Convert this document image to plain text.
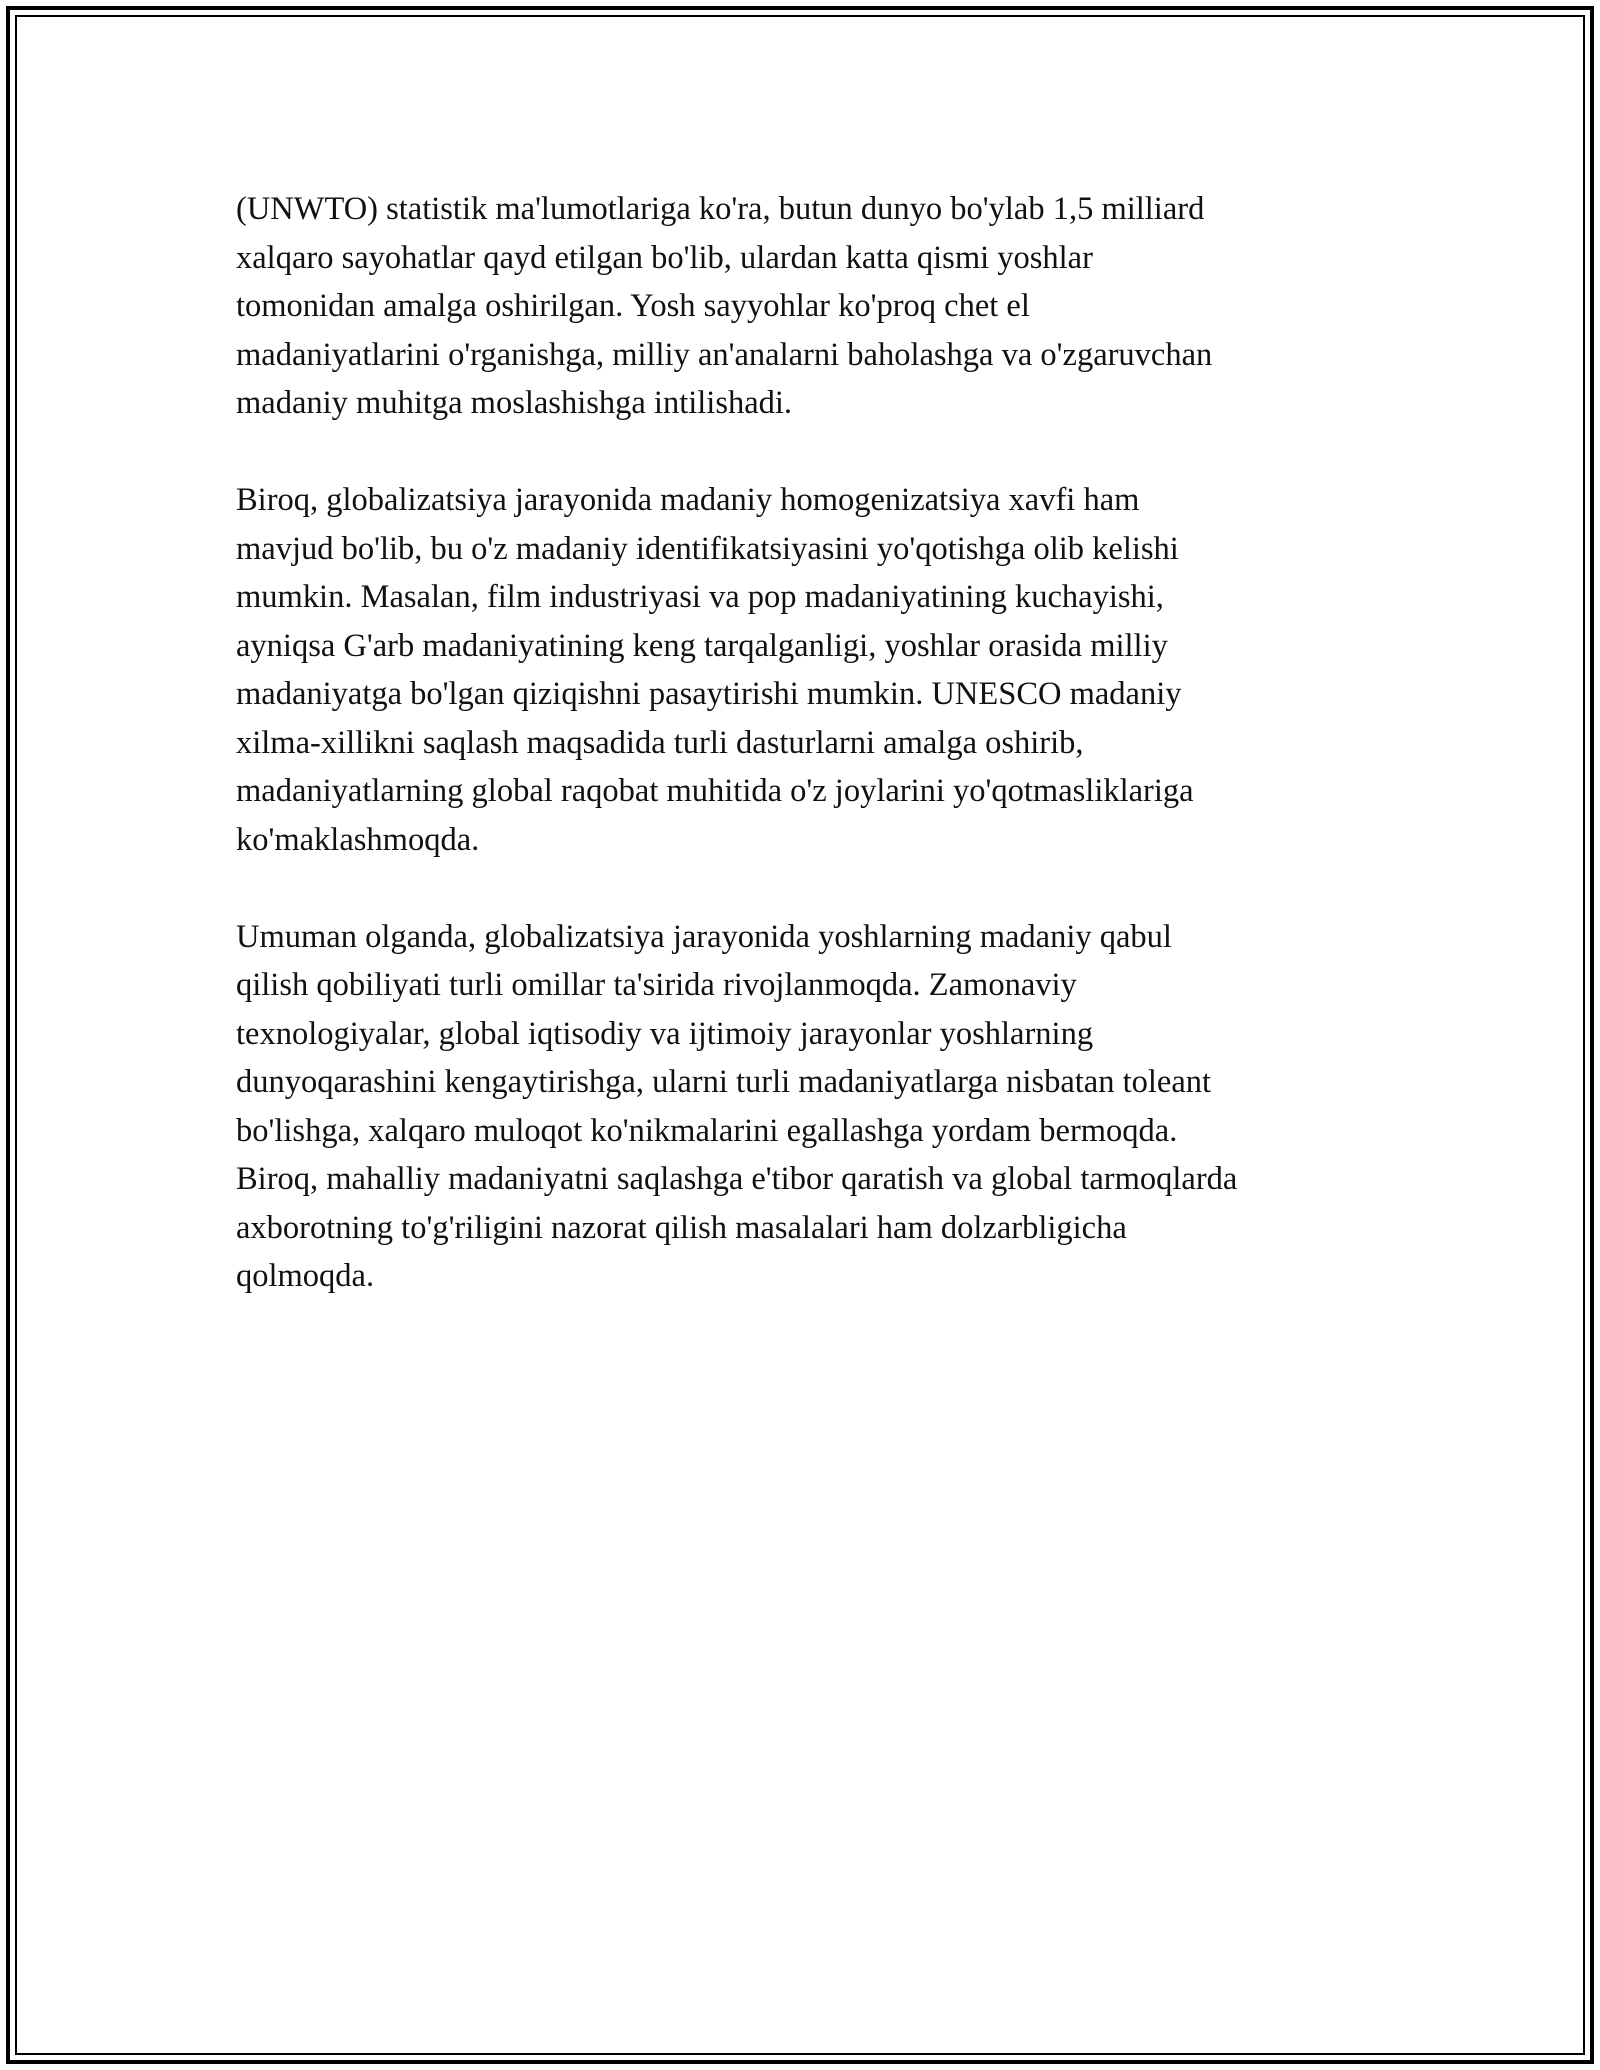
(UNWTO) statistik ma'lumotlariga ko'ra, butun dunyo bo'ylab 1,5 milliard
xalqaro sayohatlar qayd etilgan bo'lib, ulardan katta qismi yoshlar
tomonidan amalga oshirilgan. Yosh sayyohlar ko'proq chet el
madaniyatlarini o'rganishga, milliy an'analarni baholashga va o'zgaruvchan
madaniy muhitga moslashishga intilishadi.

Biroq, globalizatsiya jarayonida madaniy homogenizatsiya xavfi ham
mavjud bo'lib, bu o'z madaniy identifikatsiyasini yo'qotishga olib kelishi
mumkin. Masalan, film industriyasi va pop madaniyatining kuchayishi,
ayniqsa G'arb madaniyatining keng tarqalganligi, yoshlar orasida milliy
madaniyatga bo'lgan qiziqishni pasaytirishi mumkin. UNESCO madaniy
xilma-xillikni saqlash maqsadida turli dasturlarni amalga oshirib,
madaniyatlarning global raqobat muhitida o'z joylarini yo'qotmasliklariga
ko'maklashmoqda.

Umuman olganda, globalizatsiya jarayonida yoshlarning madaniy qabul
qilish qobiliyati turli omillar ta'sirida rivojlanmoqda. Zamonaviy
texnologiyalar, global iqtisodiy va ijtimoiy jarayonlar yoshlarning
dunyoqarashini kengaytirishga, ularni turli madaniyatlarga nisbatan toleant
bo'lishga, xalqaro muloqot ko'nikmalarini egallashga yordam bermoqda.
Biroq, mahalliy madaniyatni saqlashga e'tibor qaratish va global tarmoqlarda
axborotning to'g'riligini nazorat qilish masalalari ham dolzarbligicha
qolmoqda.
